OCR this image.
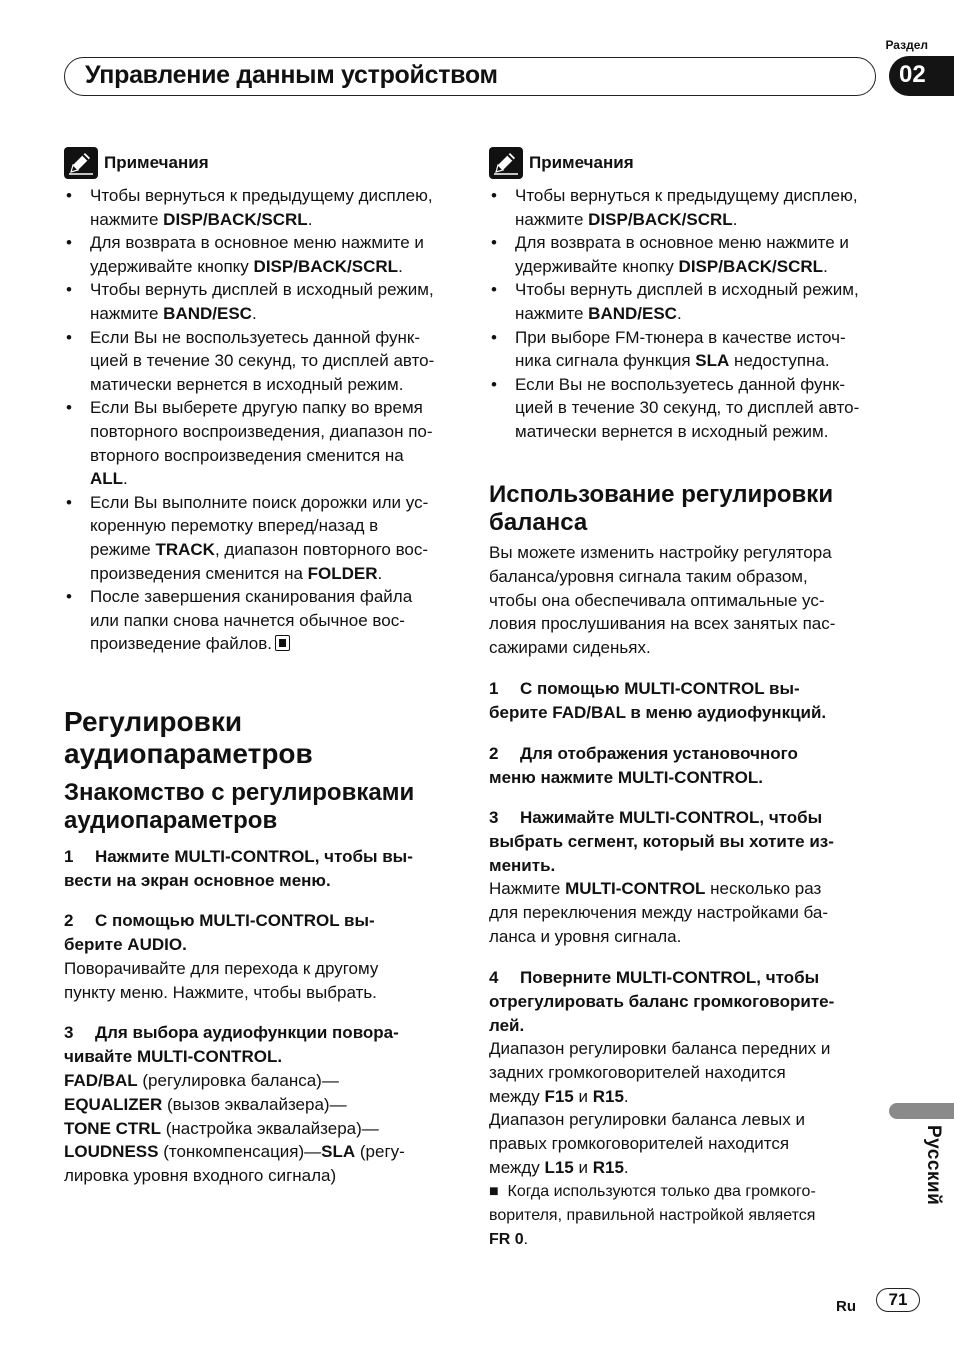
Раздел
Управление данным устройством	02
Примечания
• Чтобы вернуться к предыдущему дисплею,
нажмите DISP/BACK/SCRL.
• Для возврата в основное меню нажмите и
удерживайте кнопку DISP/BACK/SCRL.
• Чтобы вернуть дисплей в исходный режим,
нажмите BAND/ESC.
• Если Вы не воспользуетесь данной функ-
цией в течение 30 секунд, то дисплей авто-
матически вернется в исходный режим.
• Если Вы выберете другую папку во время
повторного воспроизведения, диапазон по-
вторного воспроизведения сменится на
ALL.
• Если Вы выполните поиск дорожки или ус-
коренную перемотку вперед/назад в
режиме TRACK, диапазон повторного вос-
произведения сменится на FOLDER.
• После завершения сканирования файла
или папки снова начнется обычное вос-
произведение файлов.
Регулировки
аудиопараметров
Знакомство с регулировками
аудиопараметров
1 Нажмите MULTI-CONTROL, чтобы вы-
вести на экран основное меню.
2 С помощью MULTI-CONTROL вы-
берите AUDIO.
Поворачивайте для перехода к другому
пункту меню. Нажмите, чтобы выбрать.
3 Для выбора аудиофункции повора-
чивайте MULTI-CONTROL.
FAD/BAL (регулировка баланса)—
EQUALIZER (вызов эквалайзера)—
TONE CTRL (настройка эквалайзера)—
LOUDNESS (тонкомпенсация)—SLA (регу-
лировка уровня входного сигнала)
Примечания
• Чтобы вернуться к предыдущему дисплею,
нажмите DISP/BACK/SCRL.
• Для возврата в основное меню нажмите и
удерживайте кнопку DISP/BACK/SCRL.
• Чтобы вернуть дисплей в исходный режим,
нажмите BAND/ESC.
• При выборе FM-тюнера в качестве источ-
ника сигнала функция SLA недоступна.
• Если Вы не воспользуетесь данной функ-
цией в течение 30 секунд, то дисплей авто-
матически вернется в исходный режим.
Использование регулировки
баланса
Вы можете изменить настройку регулятора
баланса/уровня сигнала таким образом,
чтобы она обеспечивала оптимальные ус-
ловия прослушивания на всех занятых пас-
сажирами сиденьях.
1 С помощью MULTI-CONTROL вы-
берите FAD/BAL в меню аудиофункций.
2 Для отображения установочного
меню нажмите MULTI-CONTROL.
3 Нажимайте MULTI-CONTROL, чтобы
выбрать сегмент, который вы хотите из-
менить.
Нажмите MULTI-CONTROL несколько раз
для переключения между настройками ба-
ланса и уровня сигнала.
4 Поверните MULTI-CONTROL, чтобы
отрегулировать баланс громкоговорите-
лей.
Диапазон регулировки баланса передних и
задних громкоговорителей находится
между F15 и R15.
Диапазон регулировки баланса левых и
правых громкоговорителей находится
между L15 и R15.
■  Когда используются только два громкого-
ворителя, правильной настройкой является
FR 0.
Русский
Ru	71
